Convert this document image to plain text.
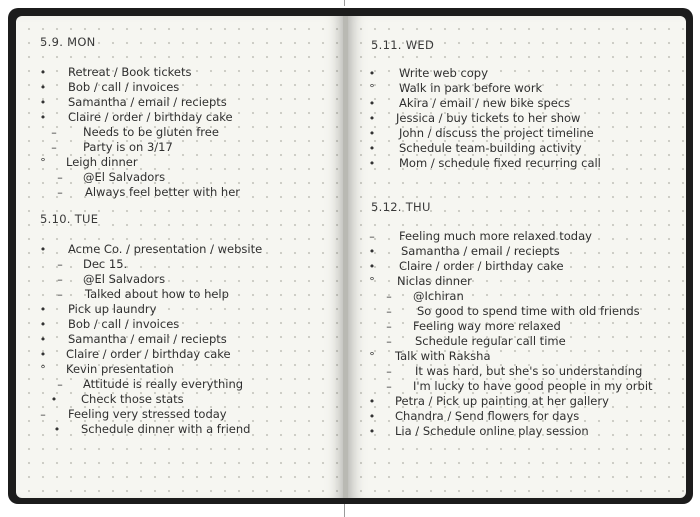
5.9. MON
• Retreat / Book tickets
• Bob / call / invoices
• Samantha / email / reciepts
• Claire / order / birthday cake
– Needs to be gluten free
– Party is on 3/17
° Leigh dinner
– @El Salvadors
– Always feel better with her
5.10. TUE
• Acme Co. / presentation / website
– Dec 15.
– @El Salvadors
– Talked about how to help
• Pick up laundry
• Bob / call / invoices
• Samantha / email / reciepts
• Claire / order / birthday cake
° Kevin presentation
– Attitude is really everything
• Check those stats
– Feeling very stressed today
• Schedule dinner with a friend
5.11. WED
• Write web copy
° Walk in park before work
• Akira / email / new bike specs
• Jessica / buy tickets to her show
• John / discuss the project timeline
• Schedule team-building activity
• Mom / schedule fixed recurring call
5.12. THU
– Feeling much more relaxed today
• Samantha / email / reciepts
• Claire / order / birthday cake
° Niclas dinner
– @Ichiran
– So good to spend time with old friends
– Feeling way more relaxed
– Schedule regular call time
° Talk with Raksha
– It was hard, but she's so understanding
– I'm lucky to have good people in my orbit
• Petra / Pick up painting at her gallery
• Chandra / Send flowers for days
• Lia / Schedule online play session
